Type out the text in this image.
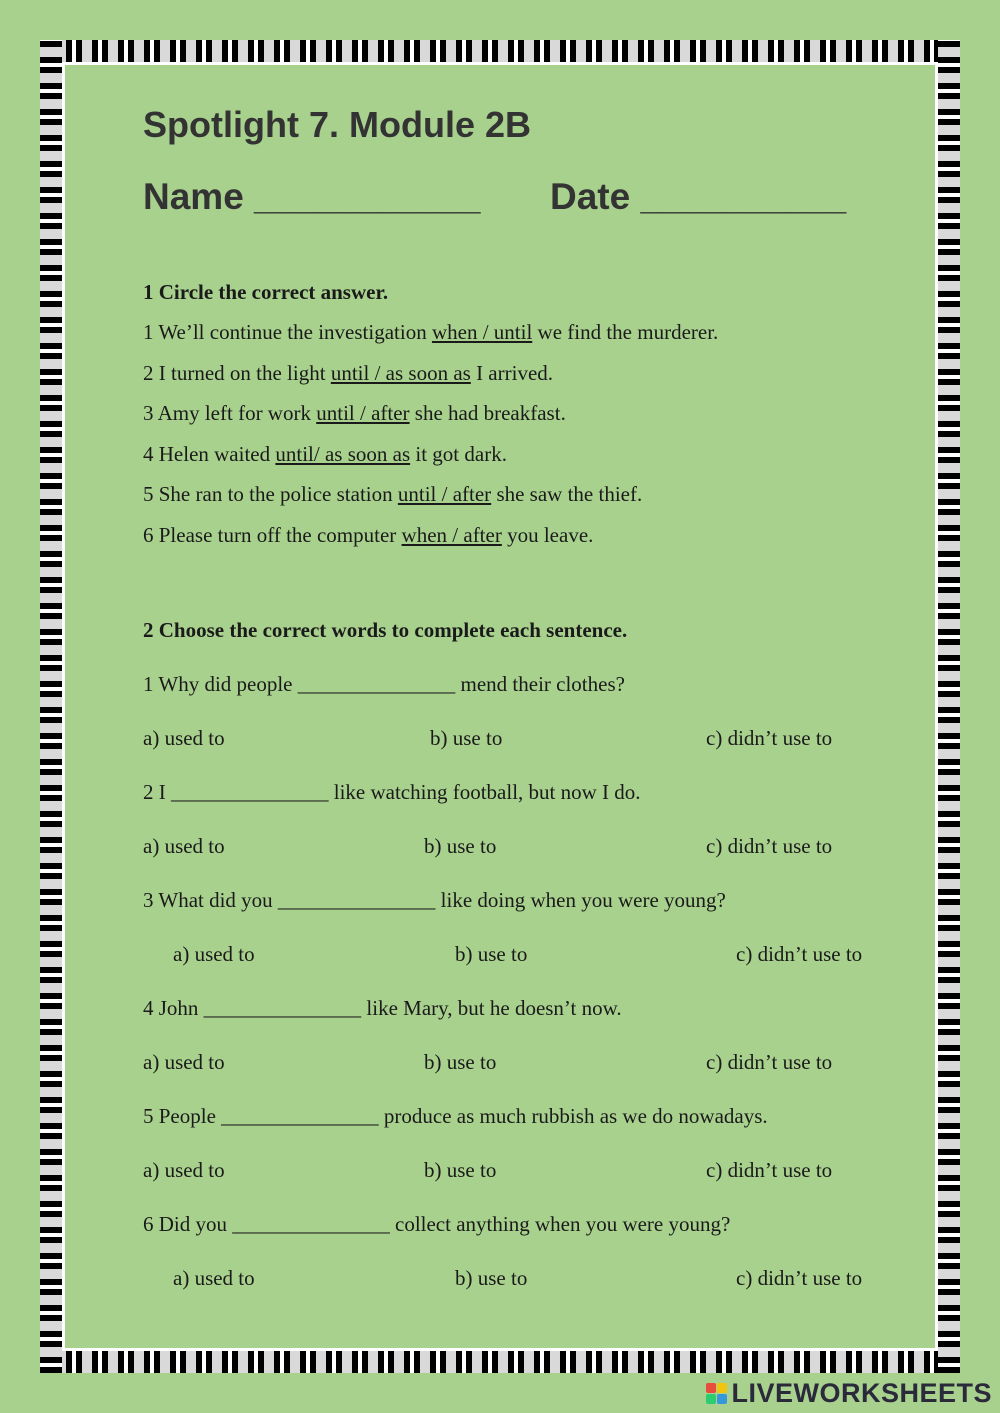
Spotlight 7. Module 2B
Name ___________ Date __________
1 Circle the correct answer.
1 We’ll continue the investigation when / until we find the murderer.
2 I turned on the light until / as soon as I arrived.
3 Amy left for work until / after she had breakfast.
4 Helen waited until/ as soon as it got dark.
5 She ran to the police station until / after she saw the thief.
6 Please turn off the computer when / after you leave.
2 Choose the correct words to complete each sentence.
1 Why did people _______________ mend their clothes?
a) used to	b) use to	c) didn’t use to
2 I _______________ like watching football, but now I do.
a) used to	b) use to	c) didn’t use to
3 What did you _______________ like doing when you were young?
a) used to	b) use to	c) didn’t use to
4 John _______________ like Mary, but he doesn’t now.
a) used to	b) use to	c) didn’t use to
5 People _______________ produce as much rubbish as we do nowadays.
a) used to	b) use to	c) didn’t use to
6 Did you _______________ collect anything when you were young?
a) used to	b) use to	c) didn’t use to
LIVEWORKSHEETS
